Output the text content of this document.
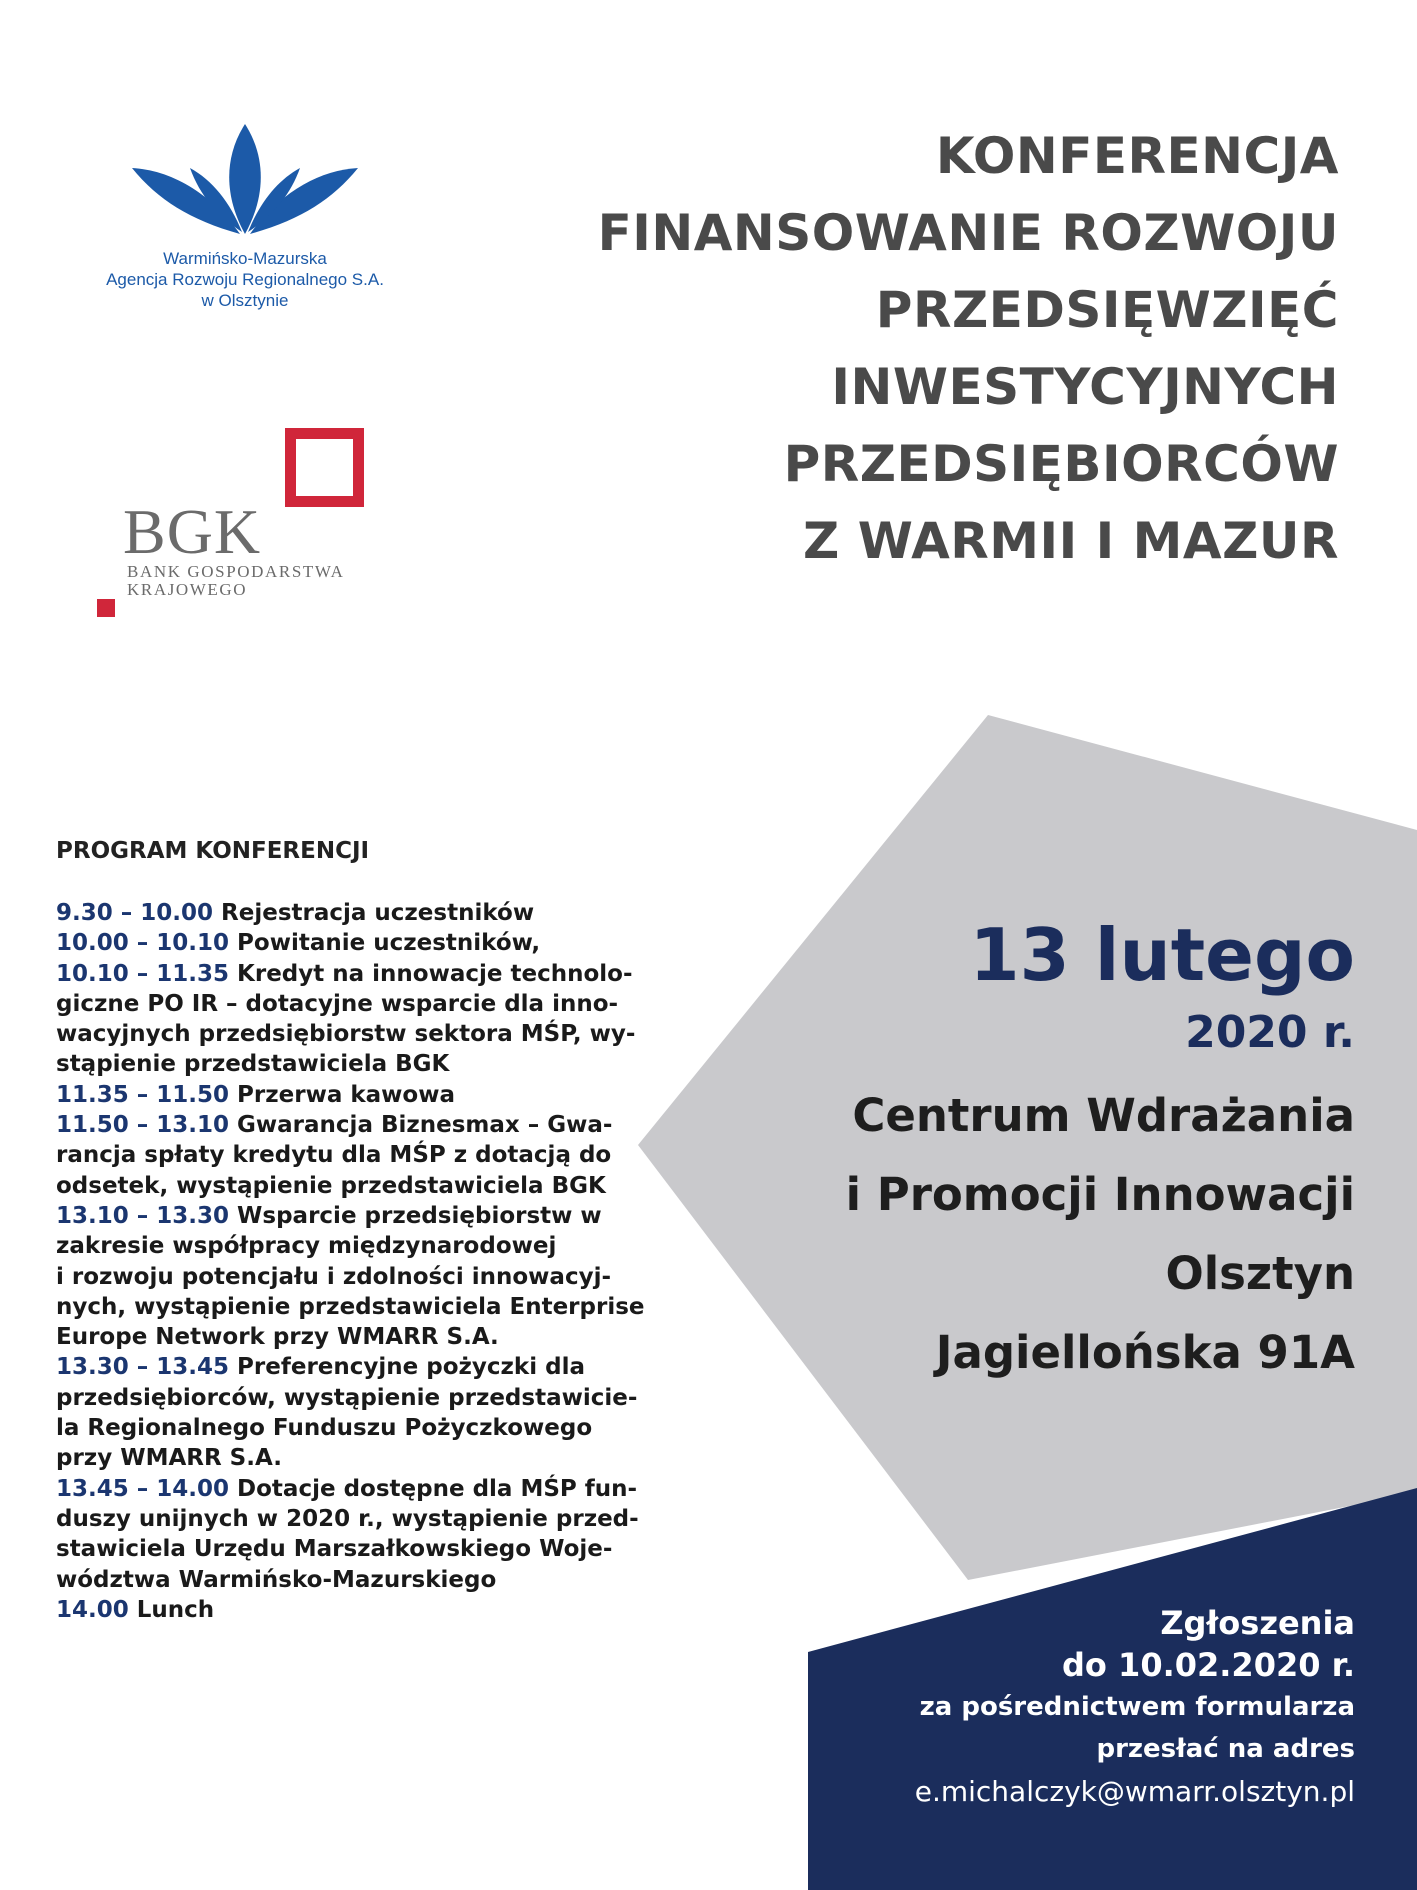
Warmińsko-Mazurska
Agencja Rozwoju Regionalnego S.A.
w Olsztynie
BGK
BANK GOSPODARSTWA
KRAJOWEGO
KONFERENCJA
FINANSOWANIE ROZWOJU
PRZEDSIĘWZIĘĆ
INWESTYCYJNYCH
PRZEDSIĘBIORCÓW
Z WARMII I MAZUR
PROGRAM KONFERENCJI
9.30 – 10.00 Rejestracja uczestników
10.00 – 10.10 Powitanie uczestników,
10.10 – 11.35 Kredyt na innowacje technolo-
giczne PO IR – dotacyjne wsparcie dla inno-
wacyjnych przedsiębiorstw sektora MŚP, wy-
stąpienie przedstawiciela BGK
11.35 – 11.50 Przerwa kawowa
11.50 – 13.10 Gwarancja Biznesmax – Gwa-
rancja spłaty kredytu dla MŚP z dotacją do
odsetek, wystąpienie przedstawiciela BGK
13.10 – 13.30 Wsparcie przedsiębiorstw w
zakresie współpracy międzynarodowej
i rozwoju potencjału i zdolności innowacyj-
nych, wystąpienie przedstawiciela Enterprise
Europe Network przy WMARR S.A.
13.30 – 13.45 Preferencyjne pożyczki dla
przedsiębiorców, wystąpienie przedstawicie-
la Regionalnego Funduszu Pożyczkowego
przy WMARR S.A.
13.45 – 14.00 Dotacje dostępne dla MŚP fun-
duszy unijnych w 2020 r., wystąpienie przed-
stawiciela Urzędu Marszałkowskiego Woje-
wództwa Warmińsko-Mazurskiego
14.00 Lunch
13 lutego
2020 r.
Centrum Wdrażania
i Promocji Innowacji
Olsztyn
Jagiellońska 91A
Zgłoszenia
do 10.02.2020 r.
za pośrednictwem formularza
przesłać na adres
e.michalczyk@wmarr.olsztyn.pl
